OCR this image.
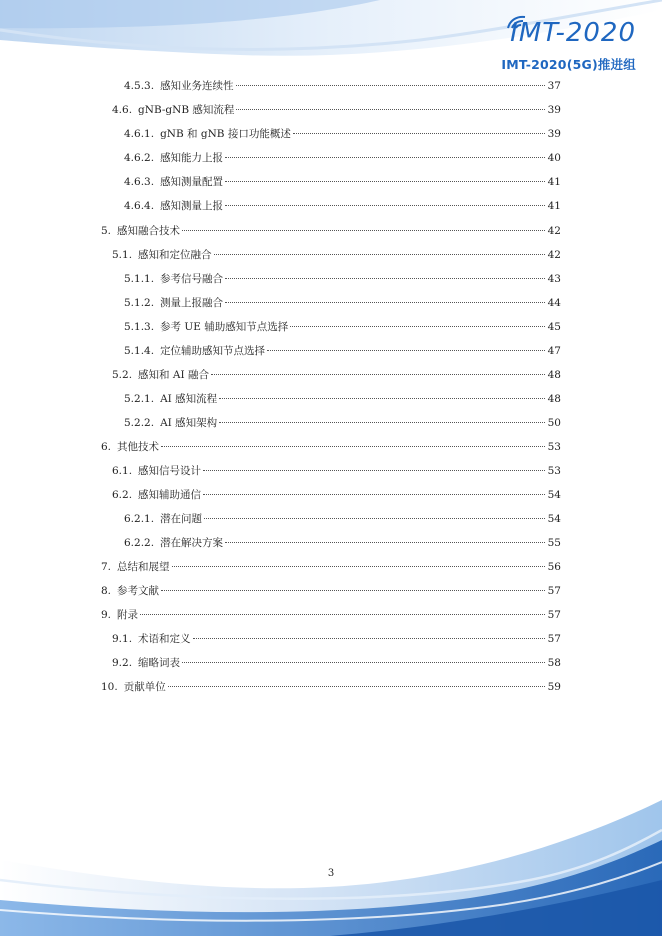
IMT-2020
IMT-2020(5G)推进组
4.5.3. 感知业务连续性	37
4.6. gNB-gNB 感知流程	39
4.6.1. gNB 和 gNB 接口功能概述	39
4.6.2. 感知能力上报	40
4.6.3. 感知测量配置	41
4.6.4. 感知测量上报	41
5. 感知融合技术	42
5.1. 感知和定位融合	42
5.1.1. 参考信号融合	43
5.1.2. 测量上报融合	44
5.1.3. 参考 UE 辅助感知节点选择	45
5.1.4. 定位辅助感知节点选择	47
5.2. 感知和 AI 融合	48
5.2.1. AI 感知流程	48
5.2.2. AI 感知架构	50
6. 其他技术	53
6.1. 感知信号设计	53
6.2. 感知辅助通信	54
6.2.1. 潜在问题	54
6.2.2. 潜在解决方案	55
7. 总结和展望	56
8. 参考文献	57
9. 附录	57
9.1. 术语和定义	57
9.2. 缩略词表	58
10. 贡献单位	59
3
